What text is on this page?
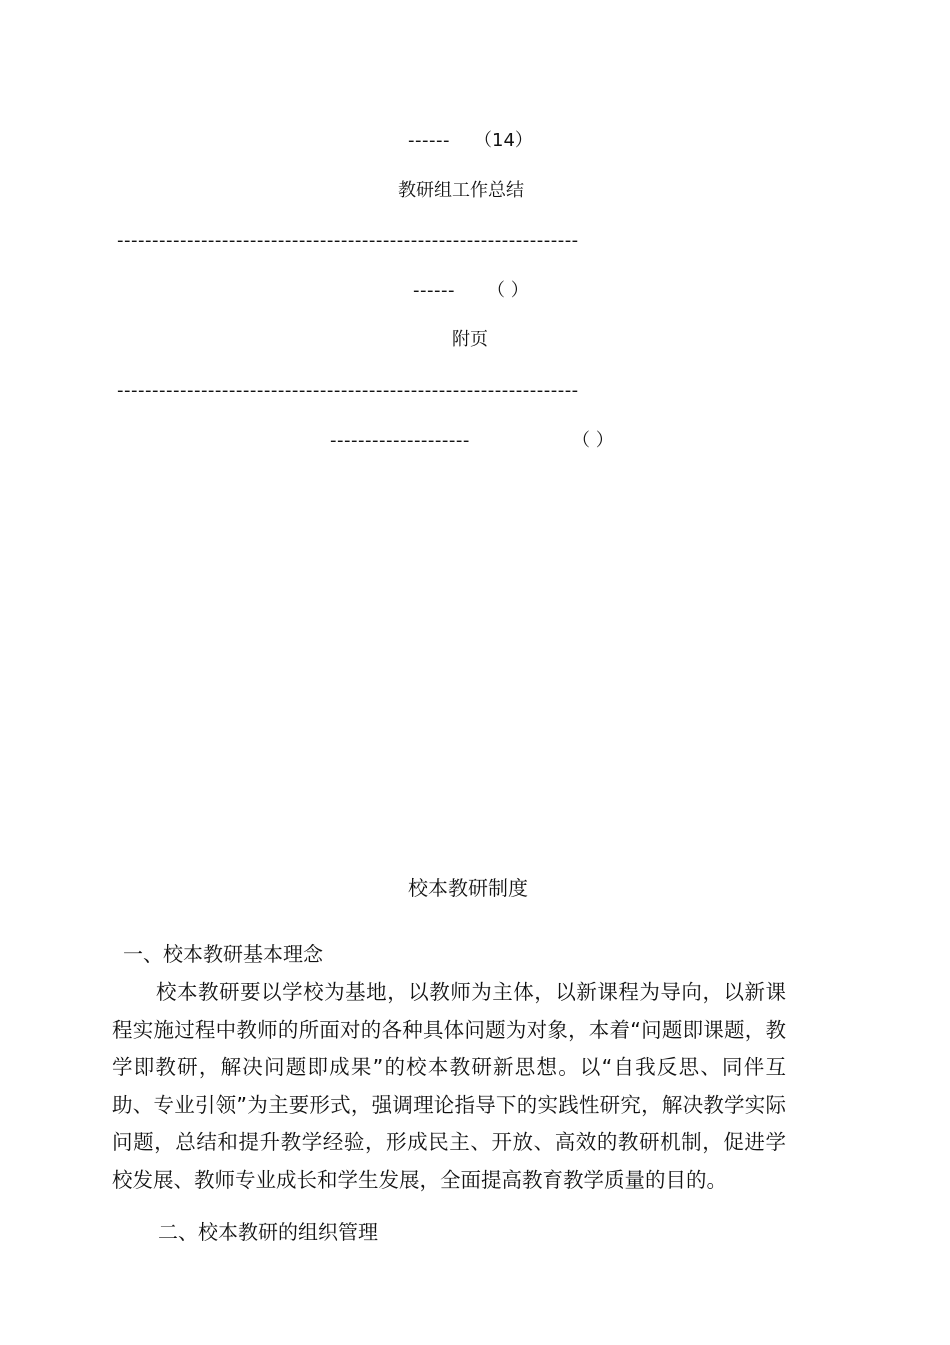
------ （14）
教研组工作总结
------------------------------------------------------------------
------ （ ）
附页
------------------------------------------------------------------
--------------------	（ ）
校本教研制度
一、校本教研基本理念
校本教研要以学校为基地，以教师为主体，以新课程为导向，以新课程实施过程中教师的所面对的各种具体问题为对象，本着“问题即课题，教学即教研，解决问题即成果”的校本教研新思想。以“自我反思、同伴互助、专业引领”为主要形式，强调理论指导下的实践性研究，解决教学实际问题，总结和提升教学经验，形成民主、开放、高效的教研机制，促进学校发展、教师专业成长和学生发展，全面提高教育教学质量的目的。
二、校本教研的组织管理
